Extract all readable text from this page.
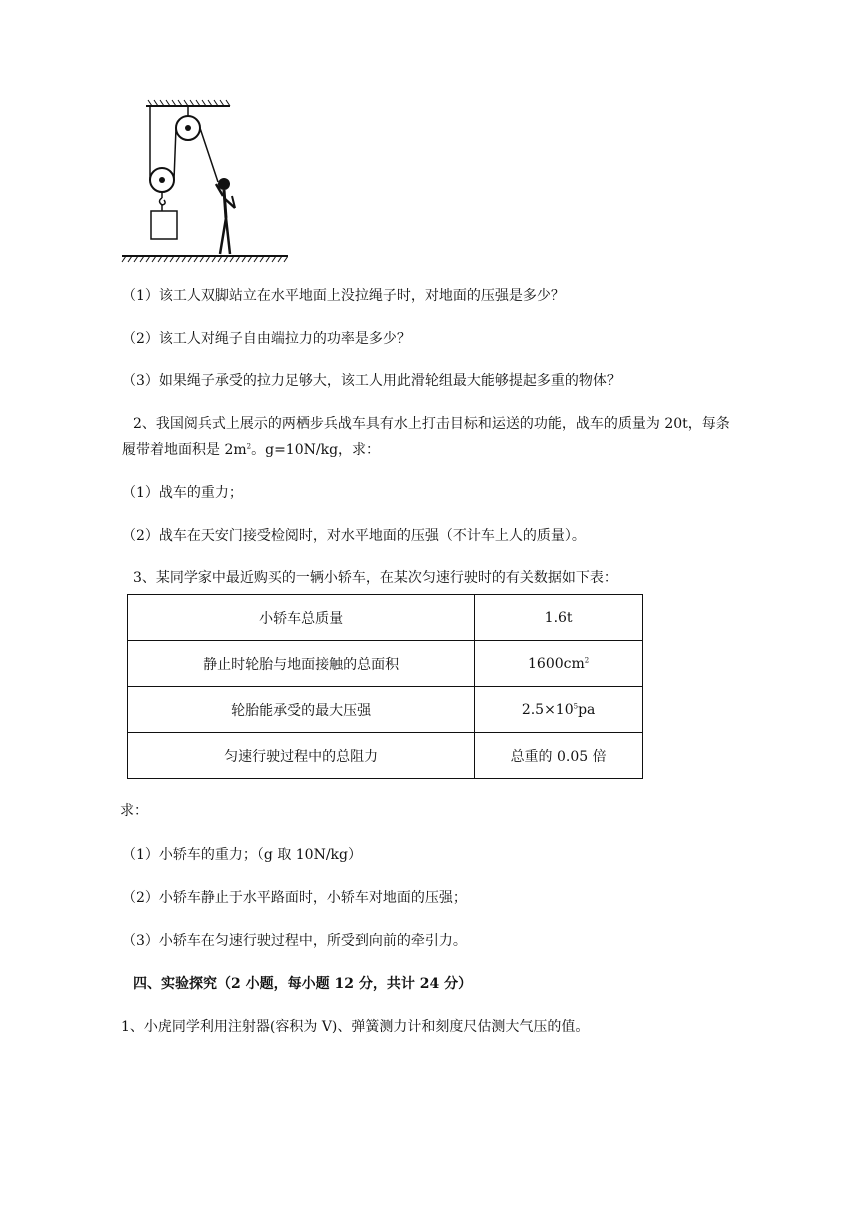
（1）该工人双脚站立在水平地面上没拉绳子时，对地面的压强是多少？
（2）该工人对绳子自由端拉力的功率是多少？
（3）如果绳子承受的拉力足够大，该工人用此滑轮组最大能够提起多重的物体？
2、我国阅兵式上展示的两栖步兵战车具有水上打击目标和运送的功能，战车的质量为 20t，每条
履带着地面积是 $2m^2$。g=10N/kg，求：
（1）战车的重力；
（2）战车在天安门接受检阅时，对水平地面的压强（不计车上人的质量）。
3、某同学家中最近购买的一辆小轿车，在某次匀速行驶时的有关数据如下表：
小轿车总质量	1.6t
静止时轮胎与地面接触的总面积	$1600cm^2$
轮胎能承受的最大压强	$2.5\times 10^5pa$
匀速行驶过程中的总阻力	总重的 0.05 倍
求：
（1）小轿车的重力；（g 取 10N/kg）
（2）小轿车静止于水平路面时，小轿车对地面的压强；
（3）小轿车在匀速行驶过程中，所受到向前的牵引力。
四、实验探究（2 小题，每小题 12 分，共计 24 分）
1、小虎同学利用注射器(容积为 V)、弹簧测力计和刻度尺估测大气压的值。
